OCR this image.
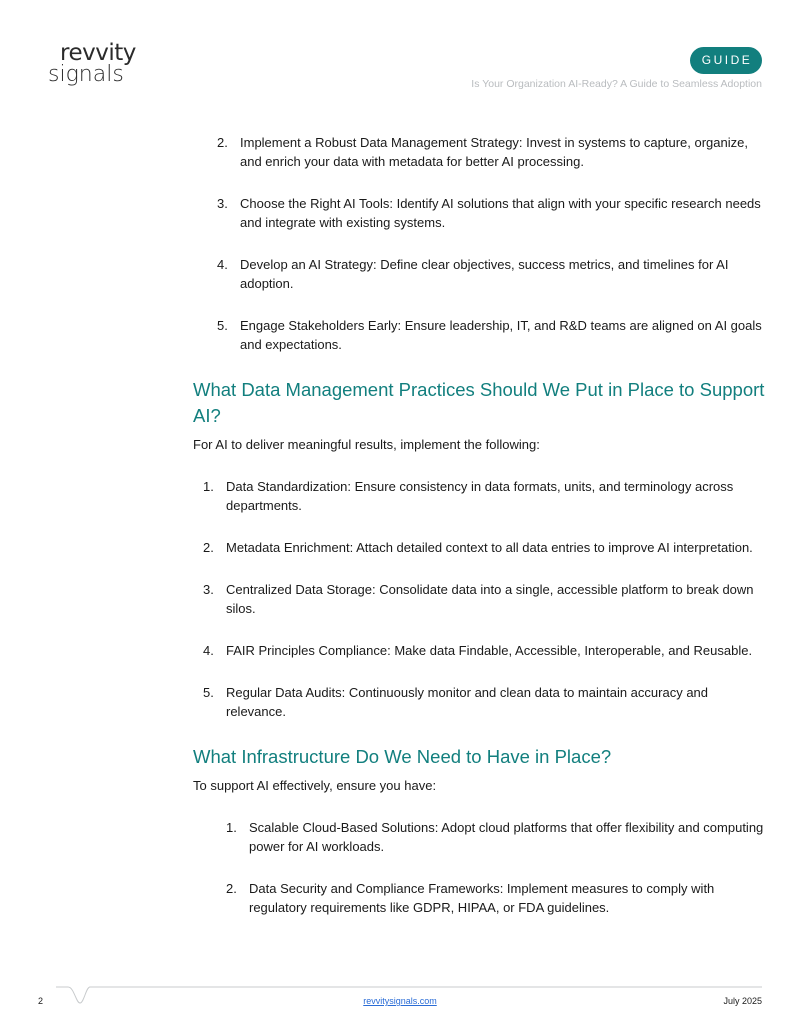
revvity
signals
GUIDE
Is Your Organization AI-Ready? A Guide to Seamless Adoption
2. Implement a Robust Data Management Strategy: Invest in systems to capture, organize, and enrich your data with metadata for better AI processing.
3. Choose the Right AI Tools: Identify AI solutions that align with your specific research needs and integrate with existing systems.
4. Develop an AI Strategy: Define clear objectives, success metrics, and timelines for AI adoption.
5. Engage Stakeholders Early: Ensure leadership, IT, and R&D teams are aligned on AI goals and expectations.
What Data Management Practices Should We Put in Place to Support AI?

For AI to deliver meaningful results, implement the following:

1. Data Standardization: Ensure consistency in data formats, units, and terminology across departments.
2. Metadata Enrichment: Attach detailed context to all data entries to improve AI interpretation.
3. Centralized Data Storage: Consolidate data into a single, accessible platform to break down silos.
4. FAIR Principles Compliance: Make data Findable, Accessible, Interoperable, and Reusable.
5. Regular Data Audits: Continuously monitor and clean data to maintain accuracy and relevance.
What Infrastructure Do We Need to Have in Place?

To support AI effectively, ensure you have:

1. Scalable Cloud-Based Solutions: Adopt cloud platforms that offer flexibility and computing power for AI workloads.
2. Data Security and Compliance Frameworks: Implement measures to comply with regulatory requirements like GDPR, HIPAA, or FDA guidelines.
2	revvitysignals.com	July 2025
